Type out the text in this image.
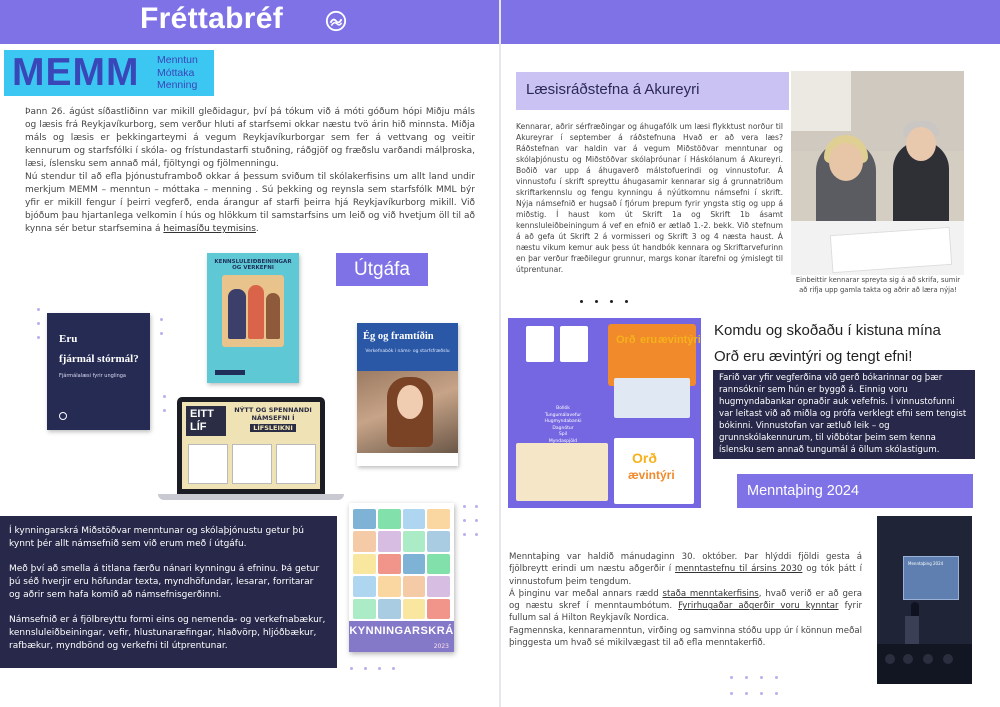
Fréttabréf
MEMM Menntun
Móttaka
Menning

Þann 26. ágúst síðastliðinn var mikill gleðidagur, því þá tókum við á móti góðum hópi Miðju máls og læsis frá Reykjavíkurborg, sem verður hluti af starfsemi okkar næstu tvö árin hið minnsta. Miðja máls og læsis er þekkingarteymi á vegum Reykjavíkurborgar sem fer á vettvang og veitir kennurum og starfsfólki í skóla- og frístundastarfi stuðning, ráðgjöf og fræðslu varðandi málþroska, læsi, íslensku sem annað mál, fjöltyngi og fjölmenningu.

Nú stendur til að efla þjónustuframboð okkar á þessum sviðum til skólakerfisins um allt land undir merkjum MEMM – menntun – móttaka – menning . Sú þekking og reynsla sem starfsfólk MML býr yfir er mikill fengur í þeirri vegferð, enda árangur af starfi þeirra hjá Reykjavíkurborg mikill. Við bjóðum þau hjartanlega velkomin í hús og hlökkum til samstarfsins um leið og við hvetjum öll til að kynna sér betur starfsemina á heimasíðu teymisins.

Útgáfa
Eru
fjármál stórmál?
Fjármálalæsi fyrir unglinga
KENNSLULEIÐBEININGAR OG VERKEFNI
Ég og framtíðin
Verkefnabók í náms- og starfsfræðslu
EITT LÍF
NÝTT OG SPENNANDI NÁMSEFNI Í
LÍFSLEIKNI

Í kynningarskrá Miðstöðvar menntunar og skólaþjónustu getur þú kynnt þér allt námsefnið sem við erum með í útgáfu.

Með því að smella á titlana færðu nánari kynningu á efninu. Þá getur þú séð hverjir eru höfundar texta, myndhöfundar, lesarar, forritarar og aðrir sem hafa komið að námsefnisgerðinni.

Námsefnið er á fjölbreyttu formi eins og nemenda- og verkefnabækur, kennsluleiðbeiningar, vefir, hlustunaræfingar, hlaðvörp, hljóðbækur, rafbækur, myndbönd og verkefni til útprentunar.

KYNNINGARSKRÁ
2023
Læsisráðstefna á Akureyri
Kennarar, aðrir sérfræðingar og áhugafólk um læsi flykktust norður til Akureyrar í september á ráðstefnuna Hvað er að vera læs? Ráðstefnan var haldin var á vegum Miðstöðvar menntunar og skólaþjónustu og Miðstöðvar skólaþróunar í Háskólanum á Akureyri. Boðið var upp á áhugaverð málstofuerindi og vinnustofur. Á vinnustofu í skrift spreyttu áhugasamir kennarar sig á grunnatriðum skriftarkennslu og fengu kynningu á nýútkomnu námsefni í skrift. Nýja námsefnið er hugsað í fjórum þrepum fyrir yngsta stig og upp á miðstig. Í haust kom út Skrift 1a og Skrift 1b ásamt kennsluleiðbeiningum á vef en efnið er ætlað 1.-2. bekk. Við stefnum á að gefa út Skrift 2 á vormisseri og Skrift 3 og 4 næsta haust. Á næstu vikum kemur auk þess út handbók kennara og Skriftarvefurinn en þar verður fræðilegur grunnur, margs konar ítarefni og ýmislegt til útprentunar.
Einbeittir kennarar spreyta sig á að skrifa, sumir að rifja upp gamla takta og aðrir að læra nýja!
Orð eru ævintýri
Bollók
Tungumálavefur
Hugmyndabanki
Dagnótur
Spil
Myndaspjöld
Orð
ævintýri
Komdu og skoðaðu í kistuna mína
Orð eru ævintýri og tengt efni!
Farið var yfir vegferðina við gerð bókarinnar og þær rannsóknir sem hún er byggð á. Einnig voru hugmyndabankar opnaðir auk vefefnis. Í vinnustofunni var leitast við að miðla og prófa verklegt efni sem tengist bókinni. Vinnustofan var ætluð leik – og grunnskólakennurum, til viðbótar þeim sem kenna íslensku sem annað tungumál á öllum skólastigum.
Menntaþing 2024
Menntaþing var haldið mánudaginn 30. október. Þar hlýddi fjöldi gesta á fjölbreytt erindi um næstu aðgerðir í menntastefnu til ársins 2030 og tók þátt í vinnustofum þeim tengdum.
Á þinginu var meðal annars rædd staða menntakerfisins, hvað verið er að gera og næstu skref í menntaumbótum. Fyrirhugaðar aðgerðir voru kynntar fyrir fullum sal á Hilton Reykjavík Nordica.
Fagmennska, kennaramenntun, virðing og samvinna stóðu upp úr í könnun meðal þinggesta um hvað sé mikilvægast til að efla menntakerfið.
Menntaþing 2024
